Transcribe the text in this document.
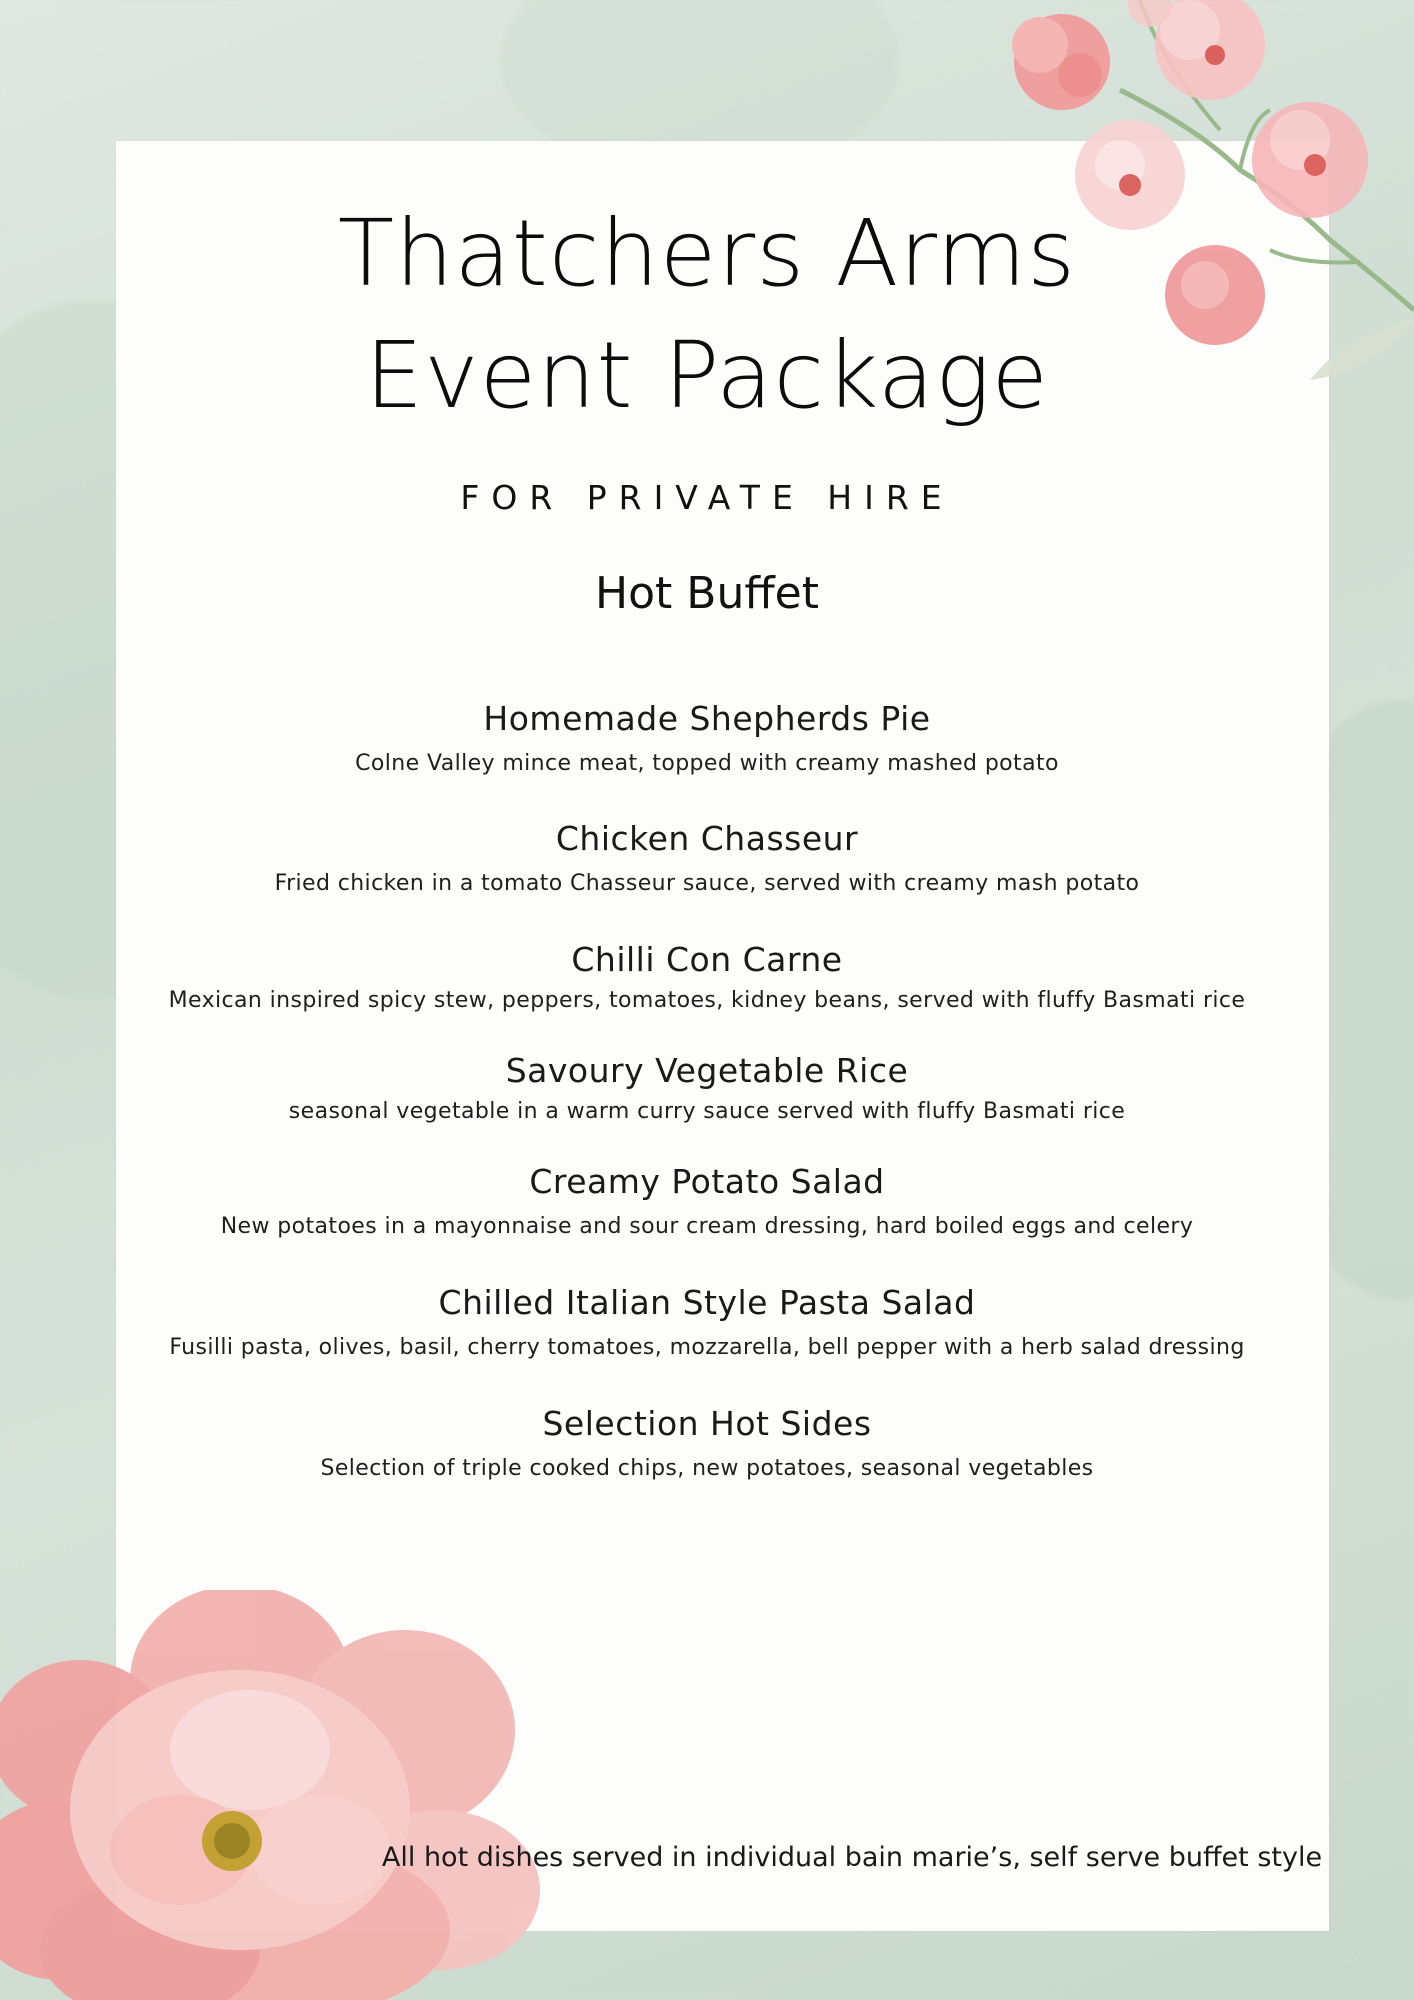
Thatchers Arms
Event Package
FOR PRIVATE HIRE
Hot Buffet
Homemade Shepherds Pie
Colne Valley mince meat, topped with creamy mashed potato
Chicken Chasseur
Fried chicken in a tomato Chasseur sauce, served with creamy mash potato
Chilli Con Carne
Mexican inspired spicy stew, peppers, tomatoes, kidney beans, served with fluffy Basmati rice
Savoury Vegetable Rice
seasonal vegetable in a warm curry sauce served with fluffy Basmati rice
Creamy Potato Salad
New potatoes in a mayonnaise and sour cream dressing, hard boiled eggs and celery
Chilled Italian Style Pasta Salad
Fusilli pasta, olives, basil, cherry tomatoes, mozzarella, bell pepper with a herb salad dressing
Selection Hot Sides
Selection of triple cooked chips, new potatoes, seasonal vegetables
All hot dishes served in individual bain marie’s, self serve buffet style
